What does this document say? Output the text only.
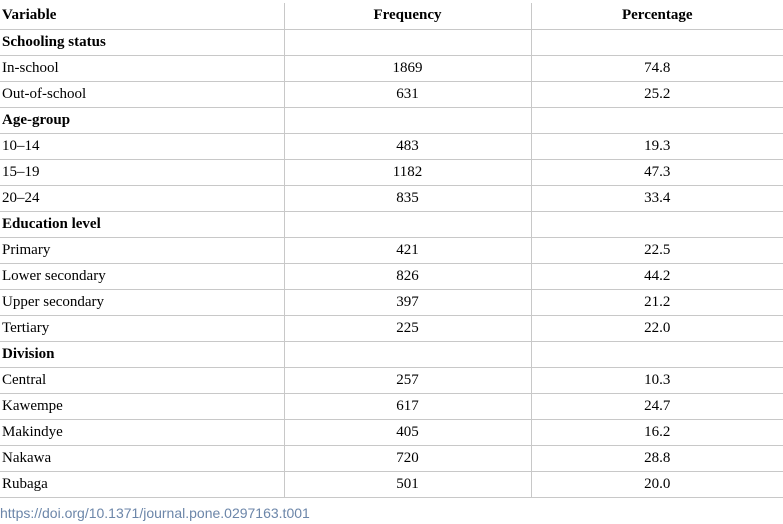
Variable	Frequency	Percentage
Schooling status		
In-school	1869	74.8
Out-of-school	631	25.2
Age-group		
10–14	483	19.3
15–19	1182	47.3
20–24	835	33.4
Education level		
Primary	421	22.5
Lower secondary	826	44.2
Upper secondary	397	21.2
Tertiary	225	22.0
Division		
Central	257	10.3
Kawempe	617	24.7
Makindye	405	16.2
Nakawa	720	28.8
Rubaga	501	20.0
https://doi.org/10.1371/journal.pone.0297163.t001
